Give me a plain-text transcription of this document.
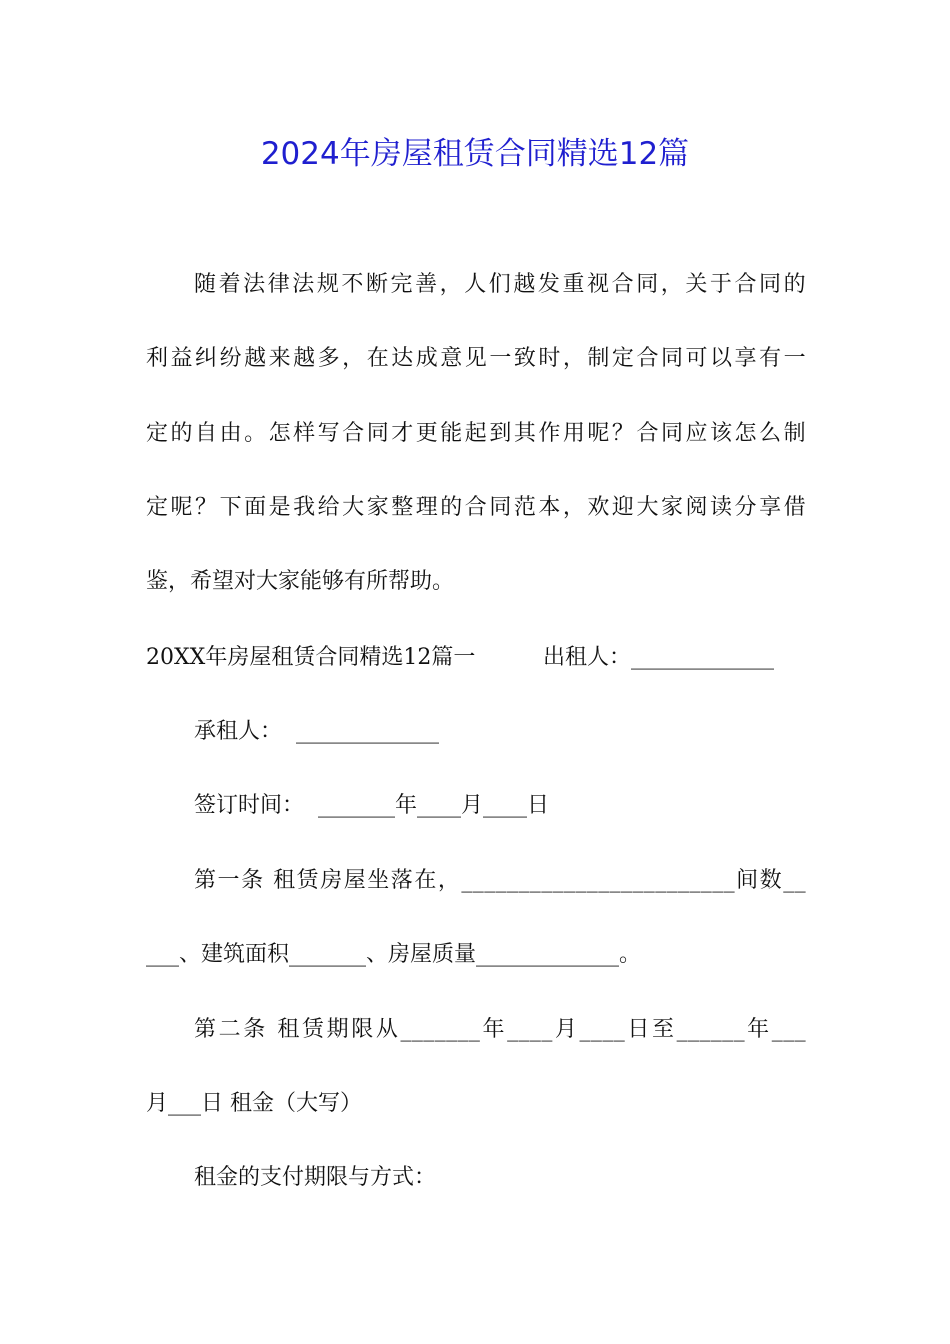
2024年房屋租赁合同精选12篇
随着法律法规不断完善，人们越发重视合同，关于合同的
利益纠纷越来越多，在达成意见一致时，制定合同可以享有一
定的自由。怎样写合同才更能起到其作用呢？合同应该怎么制
定呢？下面是我给大家整理的合同范本，欢迎大家阅读分享借
鉴，希望对大家能够有所帮助。
20XX年房屋租赁合同精选12篇一	出租人：_____________
承租人：  _____________
签订时间：  _______年____月____日
第一条 租赁房屋坐落在，________________________间数__
___、建筑面积_______、房屋质量_____________。
第二条 租赁期限从_______年____月____日至______年___
月___日 租金（大写）
租金的支付期限与方式：
